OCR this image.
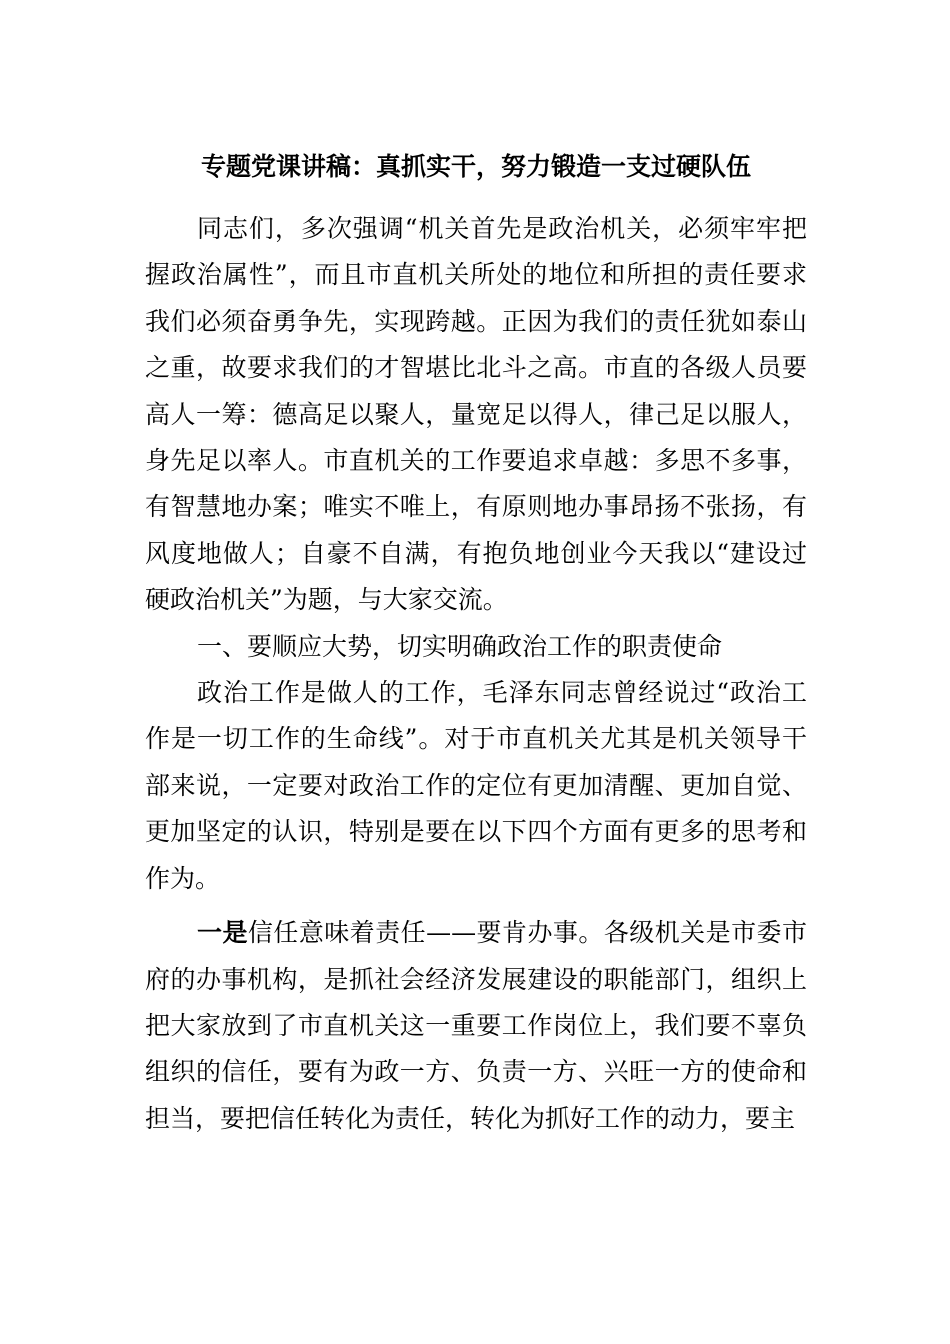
专题党课讲稿：真抓实干，努力锻造一支过硬队伍

同志们，多次强调“机关首先是政治机关，必须牢牢把握政治属性”，而且市直机关所处的地位和所担的责任要求我们必须奋勇争先，实现跨越。正因为我们的责任犹如泰山之重，故要求我们的才智堪比北斗之高。市直的各级人员要高人一筹：德高足以聚人，量宽足以得人，律己足以服人，身先足以率人。市直机关的工作要追求卓越：多思不多事，有智慧地办案；唯实不唯上，有原则地办事昂扬不张扬，有风度地做人；自豪不自满，有抱负地创业今天我以“建设过硬政治机关”为题，与大家交流。

一、要顺应大势，切实明确政治工作的职责使命

政治工作是做人的工作，毛泽东同志曾经说过“政治工作是一切工作的生命线”。对于市直机关尤其是机关领导干部来说，一定要对政治工作的定位有更加清醒、更加自觉、更加坚定的认识，特别是要在以下四个方面有更多的思考和作为。

一是信任意味着责任——要肯办事。各级机关是市委市府的办事机构，是抓社会经济发展建设的职能部门，组织上把大家放到了市直机关这一重要工作岗位上，我们要不辜负组织的信任，要有为政一方、负责一方、兴旺一方的使命和担当，要把信任转化为责任，转化为抓好工作的动力，要主
